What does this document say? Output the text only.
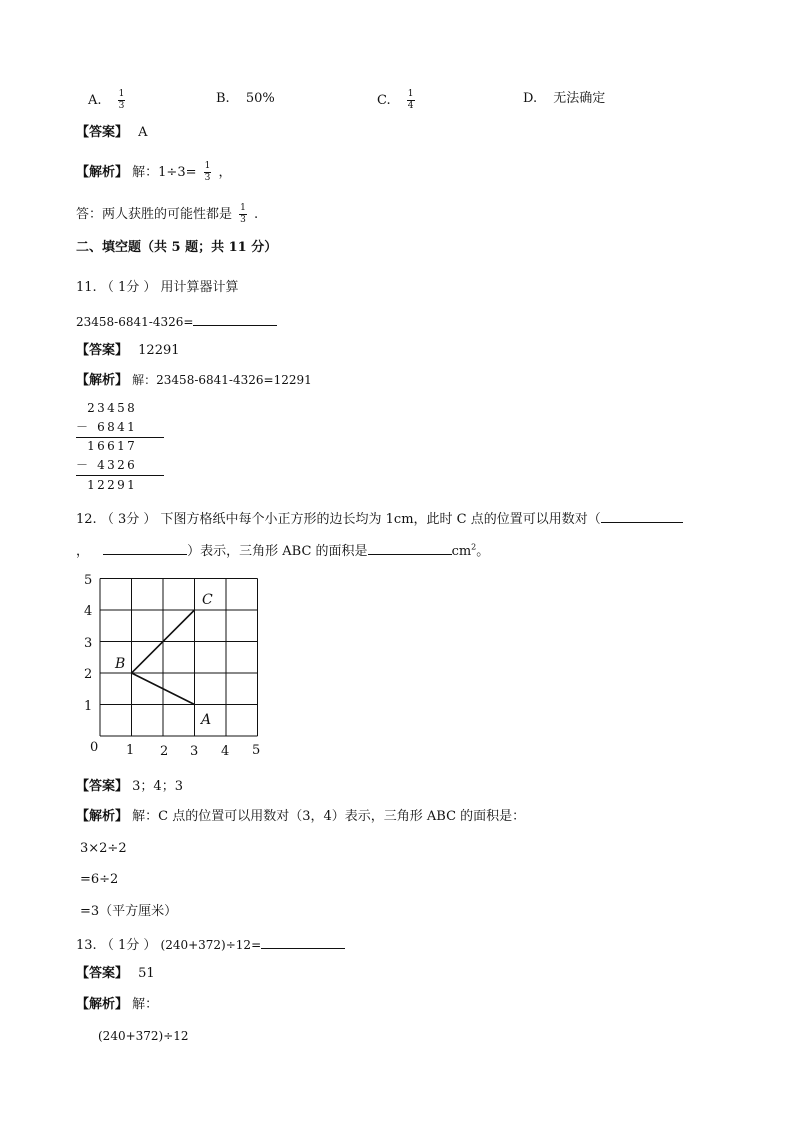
A. $\frac{1}{3}$	B. 50%	C. $\frac{1}{4}$	D. 无法确定
【答案】 A
【解析】 解：$1\div 3= \frac{1}{3}$ ，
答：两人获胜的可能性都是 $\frac{1}{3}$ .
二、填空题（共 5 题；共 11 分）
11. （ 1分 ） 用计算器计算
23458-6841-4326=
【答案】 12291
【解析】 解：23458-6841-4326=12291
2 3 4 5 8
－ 6 8 4 1
1 6 6 1 7
－ 4 3 2 6
1 2 2 9 1
12. （ 3分 ） 下图方格纸中每个小正方形的边长均为 1cm，此时 C 点的位置可以用数对（
，	）表示，三角形 ABC 的面积是	$cm^2$。
5
4
3
2
1
0 1 2 3 4 5
C
B
A
【答案】 3；4；3
【解析】 解：C 点的位置可以用数对（3，4）表示，三角形 ABC 的面积是：
3×2÷2
=6÷2
=3（平方厘米）
13. （ 1分 ） (240+372)÷12=
【答案】 51
【解析】 解：
(240+372)÷12
